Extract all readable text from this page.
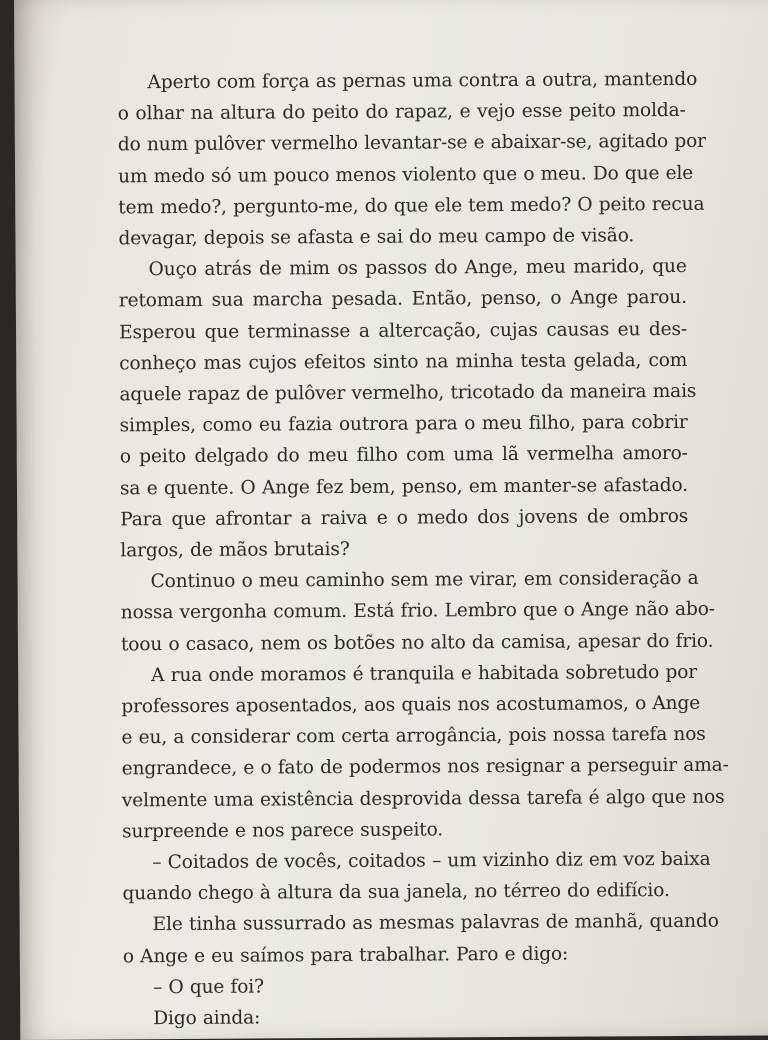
Aperto com força as pernas uma contra a outra, mantendo
o olhar na altura do peito do rapaz, e vejo esse peito molda-
do num pulôver vermelho levantar-se e abaixar-se, agitado por
um medo só um pouco menos violento que o meu. Do que ele
tem medo?, pergunto-me, do que ele tem medo? O peito recua
devagar, depois se afasta e sai do meu campo de visão.
Ouço atrás de mim os passos do Ange, meu marido, que
retomam sua marcha pesada. Então, penso, o Ange parou.
Esperou que terminasse a altercação, cujas causas eu des-
conheço mas cujos efeitos sinto na minha testa gelada, com
aquele rapaz de pulôver vermelho, tricotado da maneira mais
simples, como eu fazia outrora para o meu filho, para cobrir
o peito delgado do meu filho com uma lã vermelha amoro-
sa e quente. O Ange fez bem, penso, em manter-se afastado.
Para que afrontar a raiva e o medo dos jovens de ombros
largos, de mãos brutais?
Continuo o meu caminho sem me virar, em consideração a
nossa vergonha comum. Está frio. Lembro que o Ange não abo-
toou o casaco, nem os botões no alto da camisa, apesar do frio.
A rua onde moramos é tranquila e habitada sobretudo por
professores aposentados, aos quais nos acostumamos, o Ange
e eu, a considerar com certa arrogância, pois nossa tarefa nos
engrandece, e o fato de podermos nos resignar a perseguir ama-
velmente uma existência desprovida dessa tarefa é algo que nos
surpreende e nos parece suspeito.
– Coitados de vocês, coitados – um vizinho diz em voz baixa
quando chego à altura da sua janela, no térreo do edifício.
Ele tinha sussurrado as mesmas palavras de manhã, quando
o Ange e eu saímos para trabalhar. Paro e digo:
– O que foi?
Digo ainda:
